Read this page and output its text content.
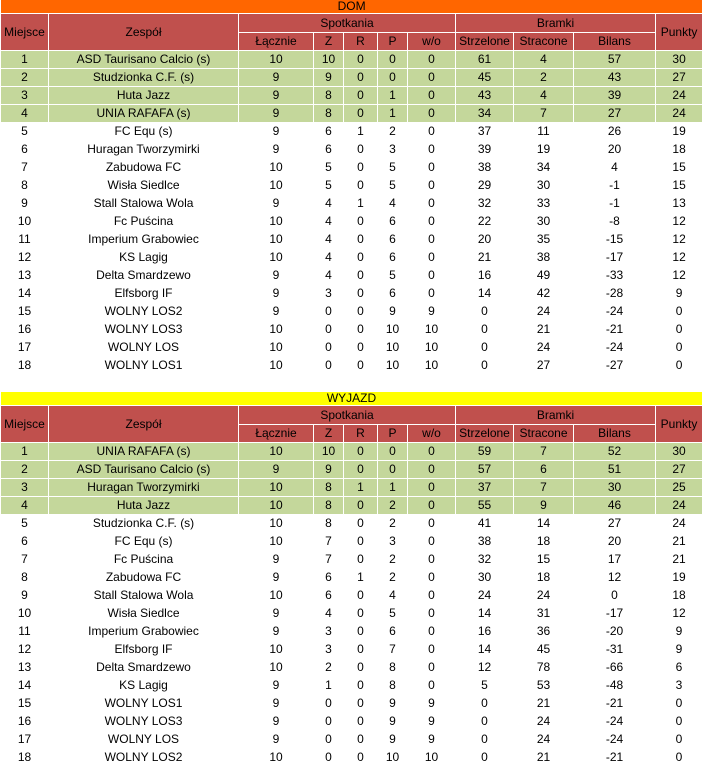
DOM										
Miejsce	Zespół	Spotkania					Bramki			Punkty
		Łącznie	Z	R	P	w/o	Strzelone	Stracone	Bilans	
1	ASD Taurisano Calcio (s)	10	10	0	0	0	61	4	57	30
2	Studzionka C.F. (s)	9	9	0	0	0	45	2	43	27
3	Huta Jazz	9	8	0	1	0	43	4	39	24
4	UNIA RAFAFA (s)	9	8	0	1	0	34	7	27	24
5	FC Equ (s)	9	6	1	2	0	37	11	26	19
6	Huragan Tworzymirki	9	6	0	3	0	39	19	20	18
7	Zabudowa FC	10	5	0	5	0	38	34	4	15
8	Wisła Siedlce	10	5	0	5	0	29	30	-1	15
9	Stall Stalowa Wola	9	4	1	4	0	32	33	-1	13
10	Fc Puścina	10	4	0	6	0	22	30	-8	12
11	Imperium Grabowiec	10	4	0	6	0	20	35	-15	12
12	KS Lagig	10	4	0	6	0	21	38	-17	12
13	Delta Smardzewo	9	4	0	5	0	16	49	-33	12
14	Elfsborg IF	9	3	0	6	0	14	42	-28	9
15	WOLNY LOS2	9	0	0	9	9	0	24	-24	0
16	WOLNY LOS3	10	0	0	10	10	0	21	-21	0
17	WOLNY LOS	10	0	0	10	10	0	24	-24	0
18	WOLNY LOS1	10	0	0	10	10	0	27	-27	0
WYJAZD										
Miejsce	Zespół	Spotkania					Bramki			Punkty
		Łącznie	Z	R	P	w/o	Strzelone	Stracone	Bilans	
1	UNIA RAFAFA (s)	10	10	0	0	0	59	7	52	30
2	ASD Taurisano Calcio (s)	9	9	0	0	0	57	6	51	27
3	Huragan Tworzymirki	10	8	1	1	0	37	7	30	25
4	Huta Jazz	10	8	0	2	0	55	9	46	24
5	Studzionka C.F. (s)	10	8	0	2	0	41	14	27	24
6	FC Equ (s)	10	7	0	3	0	38	18	20	21
7	Fc Puścina	9	7	0	2	0	32	15	17	21
8	Zabudowa FC	9	6	1	2	0	30	18	12	19
9	Stall Stalowa Wola	10	6	0	4	0	24	24	0	18
10	Wisła Siedlce	9	4	0	5	0	14	31	-17	12
11	Imperium Grabowiec	9	3	0	6	0	16	36	-20	9
12	Elfsborg IF	10	3	0	7	0	14	45	-31	9
13	Delta Smardzewo	10	2	0	8	0	12	78	-66	6
14	KS Lagig	9	1	0	8	0	5	53	-48	3
15	WOLNY LOS1	9	0	0	9	9	0	21	-21	0
16	WOLNY LOS3	9	0	0	9	9	0	24	-24	0
17	WOLNY LOS	9	0	0	9	9	0	24	-24	0
18	WOLNY LOS2	10	0	0	10	10	0	21	-21	0
